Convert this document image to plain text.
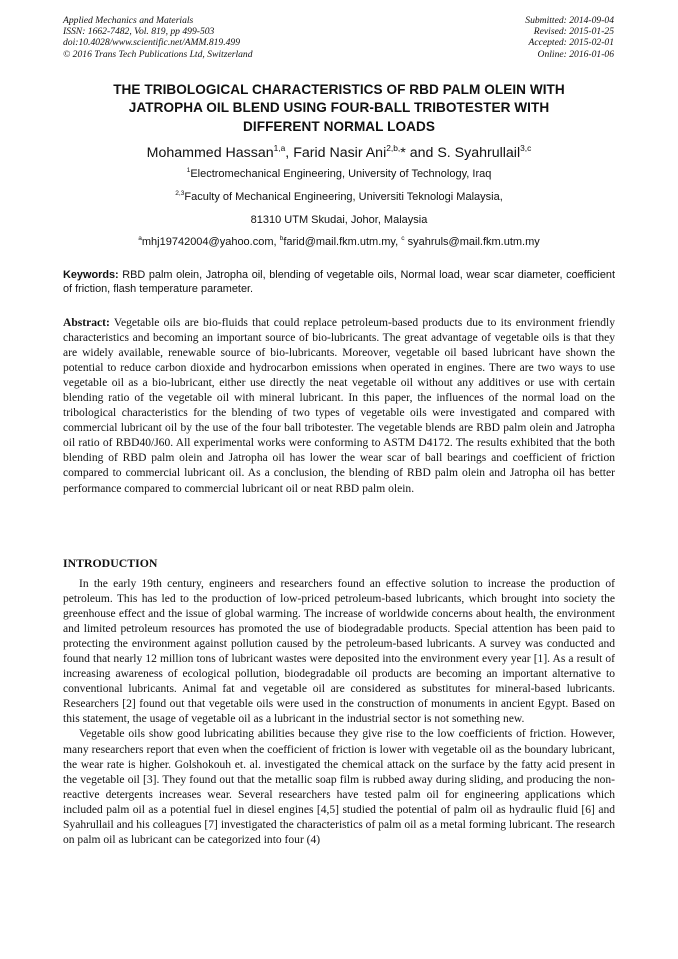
Applied Mechanics and Materials
ISSN: 1662-7482, Vol. 819, pp 499-503
doi:10.4028/www.scientific.net/AMM.819.499
© 2016 Trans Tech Publications Ltd, Switzerland
Submitted: 2014-09-04
Revised: 2015-01-25
Accepted: 2015-02-01
Online: 2016-01-06
THE TRIBOLOGICAL CHARACTERISTICS OF RBD PALM OLEIN WITH
JATROPHA OIL BLEND USING FOUR-BALL TRIBOTESTER WITH
DIFFERENT NORMAL LOADS
Mohammed Hassan$^{1,a}$, Farid Nasir Ani$^{2,b,}$* and S. Syahrullail$^{3,c}$
$^1$Electromechanical Engineering, University of Technology, Iraq
$^{2,3}$Faculty of Mechanical Engineering, Universiti Teknologi Malaysia,
81310 UTM Skudai, Johor, Malaysia
$^a$mhj19742004@yahoo.com, $^b$farid@mail.fkm.utm.my, $^c$ syahruls@mail.fkm.utm.my
Keywords: RBD palm olein, Jatropha oil, blending of vegetable oils, Normal load, wear scar diameter, coefficient of friction, flash temperature parameter.
Abstract: Vegetable oils are bio-fluids that could replace petroleum-based products due to its environment friendly characteristics and becoming an important source of bio-lubricants. The great advantage of vegetable oils is that they are widely available, renewable source of bio-lubricants. Moreover, vegetable oil based lubricant have shown the potential to reduce carbon dioxide and hydrocarbon emissions when operated in engines. There are two ways to use vegetable oil as a bio-lubricant, either use directly the neat vegetable oil without any additives or use with certain blending ratio of the vegetable oil with mineral lubricant. In this paper, the influences of the normal load on the tribological characteristics for the blending of two types of vegetable oils were investigated and compared with commercial lubricant oil by the use of the four ball tribotester. The vegetable blends are RBD palm olein and Jatropha oil ratio of RBD40/J60. All experimental works were conforming to ASTM D4172. The results exhibited that the both blending of RBD palm olein and Jatropha oil has lower the wear scar of ball bearings and coefficient of friction compared to commercial lubricant oil. As a conclusion, the blending of RBD palm olein and Jatropha oil has better performance compared to commercial lubricant oil or neat RBD palm olein.
INTRODUCTION

In the early 19th century, engineers and researchers found an effective solution to increase the production of petroleum. This has led to the production of low-priced petroleum-based lubricants, which brought into society the greenhouse effect and the issue of global warming. The increase of worldwide concerns about health, the environment and limited petroleum resources has promoted the use of biodegradable products. Special attention has been paid to protecting the environment against pollution caused by the petroleum-based lubricants. A survey was conducted and found that nearly 12 million tons of lubricant wastes were deposited into the environment every year [1]. As a result of increasing awareness of ecological pollution, biodegradable oil products are becoming an important alternative to conventional lubricants. Animal fat and vegetable oil are considered as substitutes for mineral-based lubricants. Researchers [2] found out that vegetable oils were used in the construction of monuments in ancient Egypt. Based on this statement, the usage of vegetable oil as a lubricant in the industrial sector is not something new.

Vegetable oils show good lubricating abilities because they give rise to the low coefficients of friction. However, many researchers report that even when the coefficient of friction is lower with vegetable oil as the boundary lubricant, the wear rate is higher. Golshokouh et. al. investigated the chemical attack on the surface by the fatty acid present in the vegetable oil [3]. They found out that the metallic soap film is rubbed away during sliding, and producing the non-reactive detergents increases wear. Several researchers have tested palm oil for engineering applications which included palm oil as a potential fuel in diesel engines [4,5] studied the potential of palm oil as hydraulic fluid [6] and Syahrullail and his colleagues [7] investigated the characteristics of palm oil as a metal forming lubricant. The research on palm oil as lubricant can be categorized into four (4)
